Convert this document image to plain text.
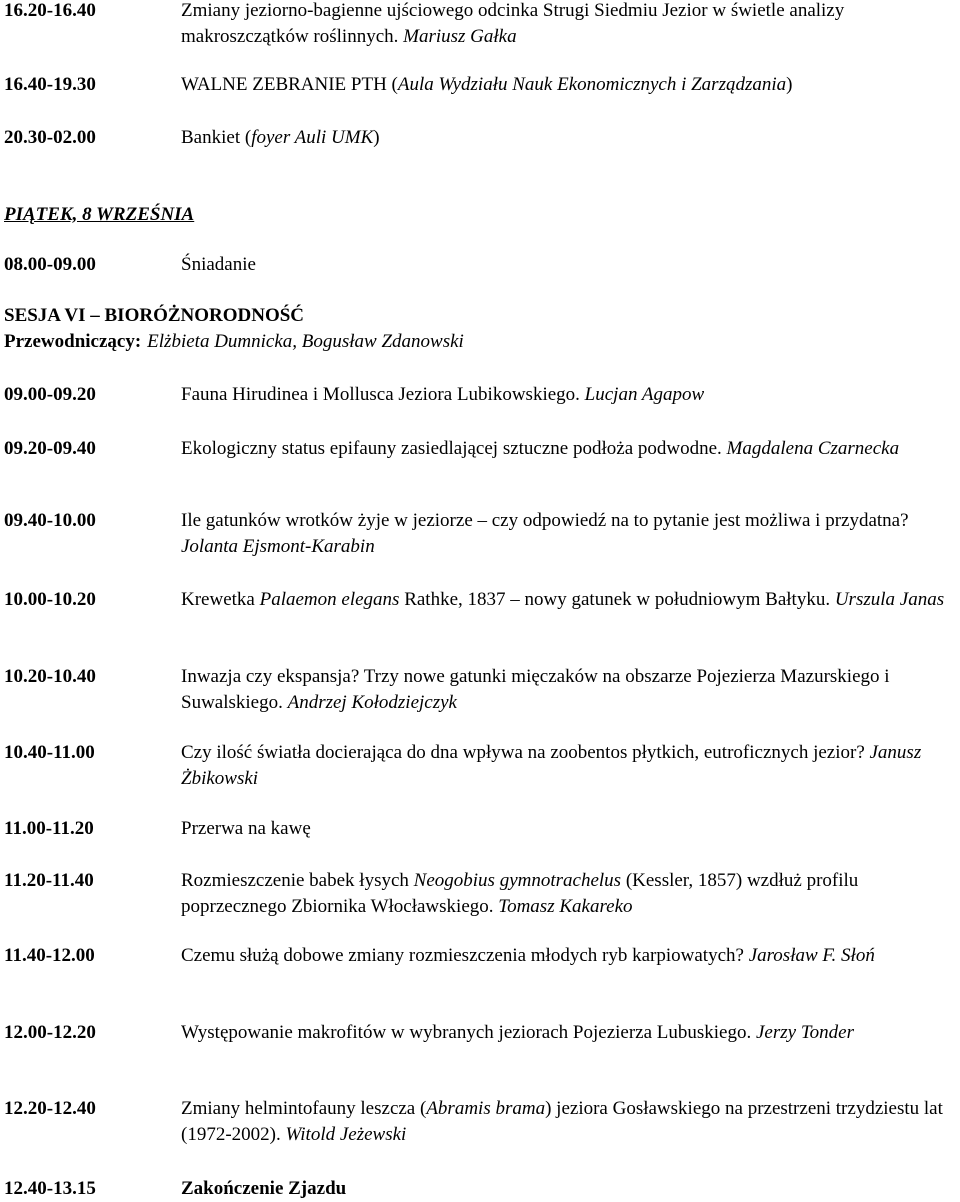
16.20-16.40	Zmiany jeziorno-bagienne ujściowego odcinka Strugi Siedmiu Jezior w świetle analizy makroszczątków roślinnych. Mariusz Gałka
16.40-19.30	WALNE ZEBRANIE PTH (Aula Wydziału Nauk Ekonomicznych i Zarządzania)
20.30-02.00	Bankiet (foyer Auli UMK)
PIĄTEK, 8 WRZEŚNIA
08.00-09.00	Śniadanie
SESJA VI – BIORÓŻNORODNOŚĆ
Przewodniczący: Elżbieta Dumnicka, Bogusław Zdanowski
09.00-09.20	Fauna Hirudinea i Mollusca Jeziora Lubikowskiego. Lucjan Agapow
09.20-09.40	Ekologiczny status epifauny zasiedlającej sztuczne podłoża podwodne. Magdalena Czarnecka
09.40-10.00	Ile gatunków wrotków żyje w jeziorze – czy odpowiedź na to pytanie jest możliwa i przydatna? Jolanta Ejsmont-Karabin
10.00-10.20	Krewetka Palaemon elegans Rathke, 1837 – nowy gatunek w południowym Bałtyku. Urszula Janas
10.20-10.40	Inwazja czy ekspansja? Trzy nowe gatunki mięczaków na obszarze Pojezierza Mazurskiego i Suwalskiego. Andrzej Kołodziejczyk
10.40-11.00	Czy ilość światła docierająca do dna wpływa na zoobentos płytkich, eutroficznych jezior? Janusz Żbikowski
11.00-11.20	Przerwa na kawę
11.20-11.40	Rozmieszczenie babek łysych Neogobius gymnotrachelus (Kessler, 1857) wzdłuż profilu poprzecznego Zbiornika Włocławskiego. Tomasz Kakareko
11.40-12.00	Czemu służą dobowe zmiany rozmieszczenia młodych ryb karpiowatych? Jarosław F. Słoń
12.00-12.20	Występowanie makrofitów w wybranych jeziorach Pojezierza Lubuskiego. Jerzy Tonder
12.20-12.40	Zmiany helmintofauny leszcza (Abramis brama) jeziora Gosławskiego na przestrzeni trzydziestu lat (1972-2002). Witold Jeżewski
12.40-13.15	Zakończenie Zjazdu
